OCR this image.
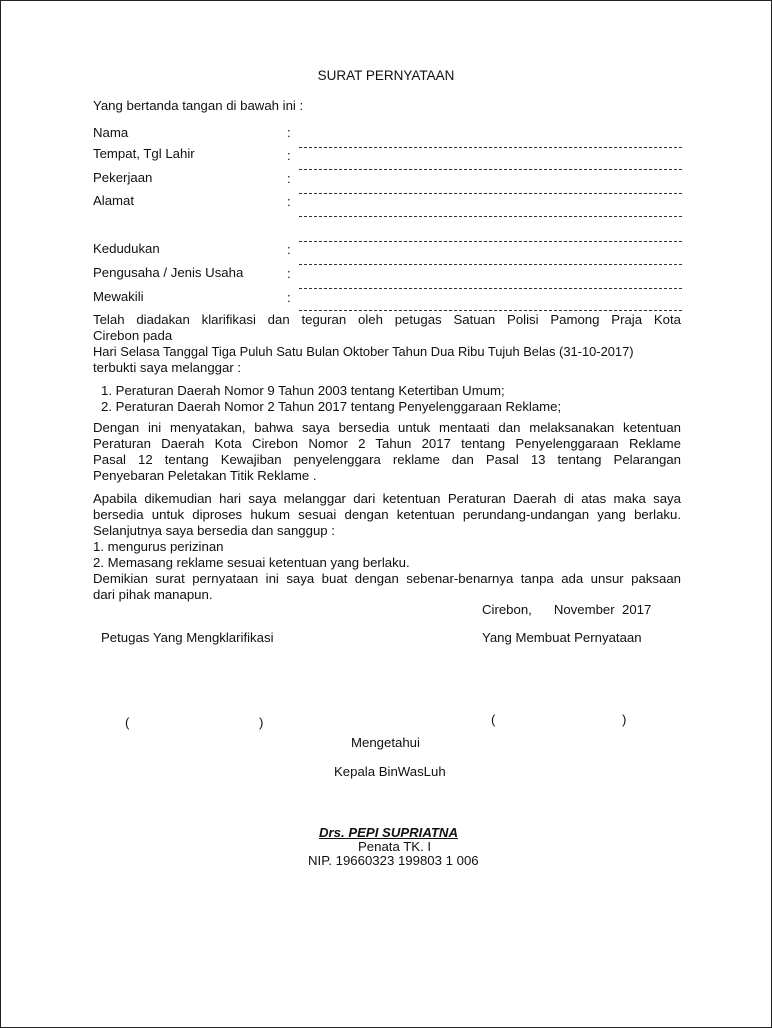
SURAT PERNYATAAN
Yang bertanda tangan di bawah ini :
Nama	:
Tempat, Tgl Lahir	:
Pekerjaan	:
Alamat	:
Kedudukan	:
Pengusaha / Jenis Usaha	:
Mewakili	:
Telah diadakan klarifikasi dan teguran oleh petugas Satuan Polisi Pamong Praja Kota
Cirebon pada
Hari Selasa Tanggal Tiga Puluh Satu Bulan Oktober Tahun Dua Ribu Tujuh Belas (31-10-2017)
terbukti saya melanggar :
1. Peraturan Daerah Nomor 9 Tahun 2003 tentang Ketertiban Umum;
2. Peraturan Daerah Nomor 2 Tahun 2017 tentang Penyelenggaraan Reklame;
Dengan ini menyatakan, bahwa saya bersedia untuk mentaati dan melaksanakan ketentuan
Peraturan Daerah Kota Cirebon Nomor 2 Tahun 2017 tentang Penyelenggaraan Reklame
Pasal 12 tentang Kewajiban penyelenggara reklame dan Pasal 13 tentang Pelarangan
Penyebaran Peletakan Titik Reklame .
Apabila dikemudian hari saya melanggar dari ketentuan Peraturan Daerah di atas maka saya
bersedia untuk diproses hukum sesuai dengan ketentuan perundang-undangan yang berlaku.
Selanjutnya saya bersedia dan sanggup :
1. mengurus perizinan
2. Memasang reklame sesuai ketentuan yang berlaku.
Demikian surat pernyataan ini saya buat dengan sebenar-benarnya tanpa ada unsur paksaan
dari pihak manapun.
Cirebon,      November  2017
Petugas Yang Mengklarifikasi	Yang Membuat Pernyataan
(	)	(	)
Mengetahui
Kepala BinWasLuh
Drs. PEPI SUPRIATNA
Penata TK. I
NIP. 19660323 199803 1 006
